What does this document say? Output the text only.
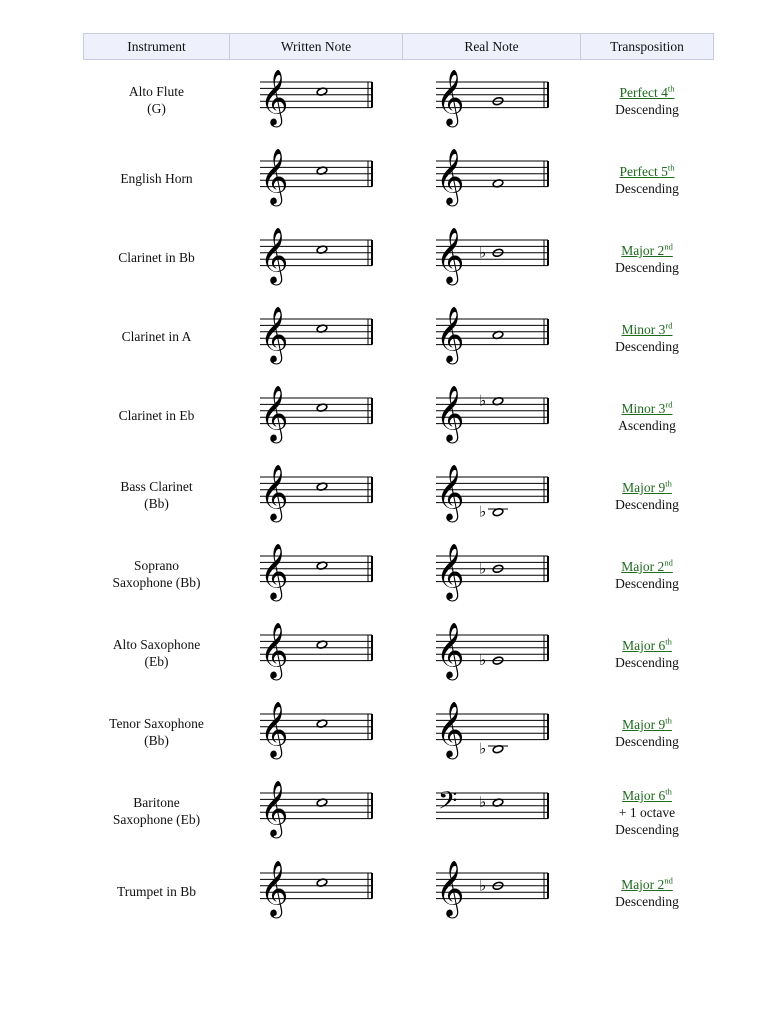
Instrument	Written Note	Real Note	Transposition
Alto Flute
(G)	𝄞	𝄞	Perfect 4th
Descending

English Horn	𝄞	𝄞	Perfect 5th
Descending

Clarinet in Bb	𝄞	𝄞 ♭	Major 2nd
Descending

Clarinet in A	𝄞	𝄞	Minor 3rd
Descending

Clarinet in Eb	𝄞	𝄞 ♭	Minor 3rd
Ascending

Bass Clarinet
(Bb)	𝄞	𝄞 ♭	Major 9th
Descending

Soprano
Saxophone (Bb)	𝄞	𝄞 ♭	Major 2nd
Descending

Alto Saxophone
(Eb)	𝄞	𝄞 ♭	Major 6th
Descending

Tenor Saxophone
(Bb)	𝄞	𝄞 ♭	Major 9th
Descending

Baritone
Saxophone (Eb)	𝄞	𝄢 ♭	Major 6th
+ 1 octave
Descending

Trumpet in Bb	𝄞	𝄞 ♭	Major 2nd
Descending
